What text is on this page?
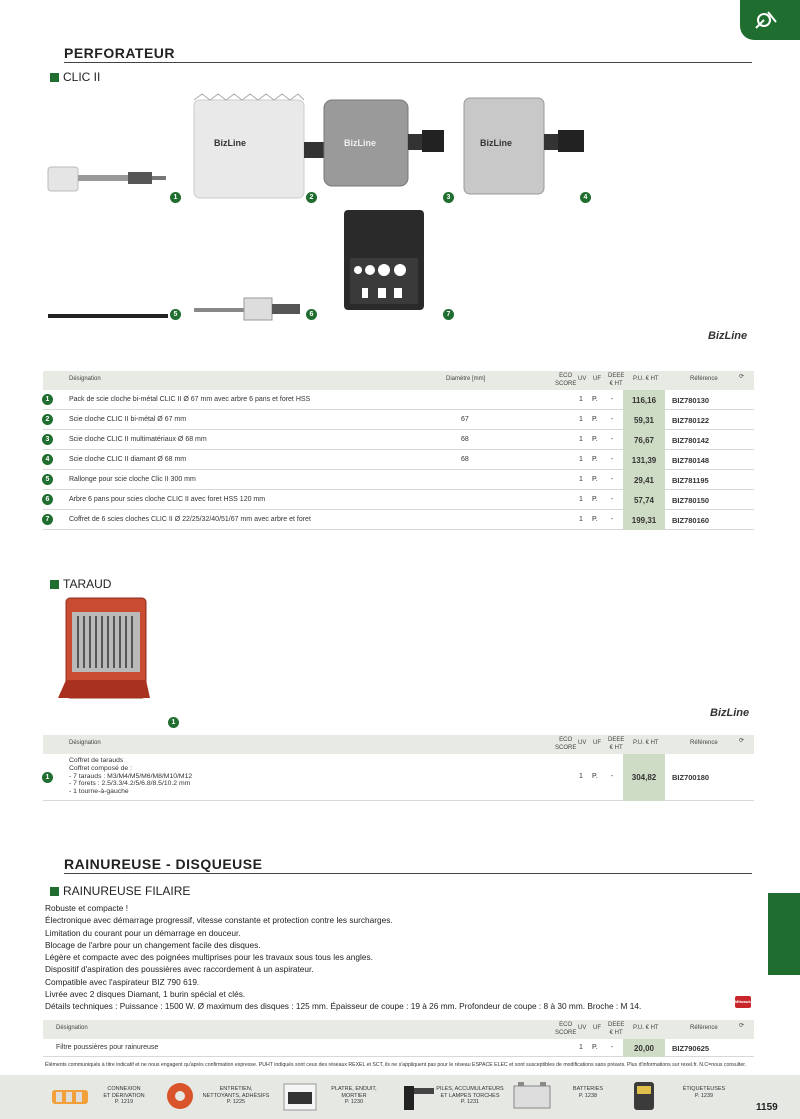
PERFORATEUR
CLIC II
BizLine	BizLine	BizLine
1	2	3	4
5	6	7
BizLine
Désignation	Diamètre [mm]	ECO
SCORE
UV UF DEEE
€ HT
P.U. € HT	Référence	⟳
1	Pack de scie cloche bi-métal CLIC II Ø 67 mm avec arbre 6 pans et foret HSS	1 P. -	116,16	BIZ780130
2	Scie cloche CLIC II bi-métal Ø 67 mm	67	1 P. -	59,31	BIZ780122
3	Scie cloche CLIC II multimatériaux Ø 68 mm	68	1 P. -	76,67	BIZ780142
4	Scie cloche CLIC II diamant Ø 68 mm	68	1 P. -	131,39	BIZ780148
5	Rallonge pour scie cloche Clic II 300 mm	1 P. -	29,41	BIZ781195
6	Arbre 6 pans pour scies cloche CLIC II avec foret HSS 120 mm	1 P. -	57,74	BIZ780150
7	Coffret de 6 scies cloches CLIC II Ø 22/25/32/40/51/67 mm avec arbre et foret	1 P. -	199,31	BIZ780160
TARAUD
1
BizLine
Désignation	ECO
SCORE
UV UF DEEE
€ HT
P.U. € HT	Référence	⟳
1
Coffret de tarauds
Coffret composé de :
- 7 tarauds : M3/M4/M5/M6/M8/M10/M12
- 7 forets : 2.5/3.3/4.2/5/6.8/8.5/10.2 mm
- 1 tourne-à-gauche
1 P. -	304,82	BIZ700180
RAINUREUSE - DISQUEUSE
RAINUREUSE FILAIRE
Robuste et compacte !
Électronique avec démarrage progressif, vitesse constante et protection contre les surcharges.
Limitation du courant pour un démarrage en douceur.
Blocage de l'arbre pour un changement facile des disques.
Légère et compacte avec des poignées multiprises pour les travaux sous tous les angles.
Dispositif d'aspiration des poussières avec raccordement à un aspirateur.
Compatible avec l'aspirateur BIZ 790 619.
Livrée avec 2 disques Diamant, 1 burin spécial et clés.
Détails techniques : Puissance : 1500 W. Ø maximum des disques : 125 mm. Épaisseur de coupe : 19 à 26 mm. Profondeur de coupe : 8 à 30 mm. Broche : M 14.	Milwaukee
Désignation	ECO
SCORE
UV UF DEEE
€ HT
P.U. € HT	Référence	⟳
Filtre poussières pour rainureuse	1 P. -	20,00	BIZ790625
Éléments communiqués à titre indicatif et ne nous engagent qu'après confirmation expresse. PUHT indiqués sont ceux des réseaux REXEL et SCT, ils ne s'appliquent pas pour le réseau ESPACE ELEC et sont susceptibles de modifications sans préavis. Plus d'informations sur rexel.fr. N.C=nous consulter.
CONNEXION
ET DÉRIVATION
P. 1219
ENTRETIEN,
NETTOYANTS, ADHÉSIFS
P. 1225
PLATRE, ENDUIT,
MORTIER
P. 1230
PILES, ACCUMULATEURS
ET LAMPES TORCHES
P. 1231
BATTERIES
P. 1238
ÉTIQUETEUSES
P. 1239
1159
